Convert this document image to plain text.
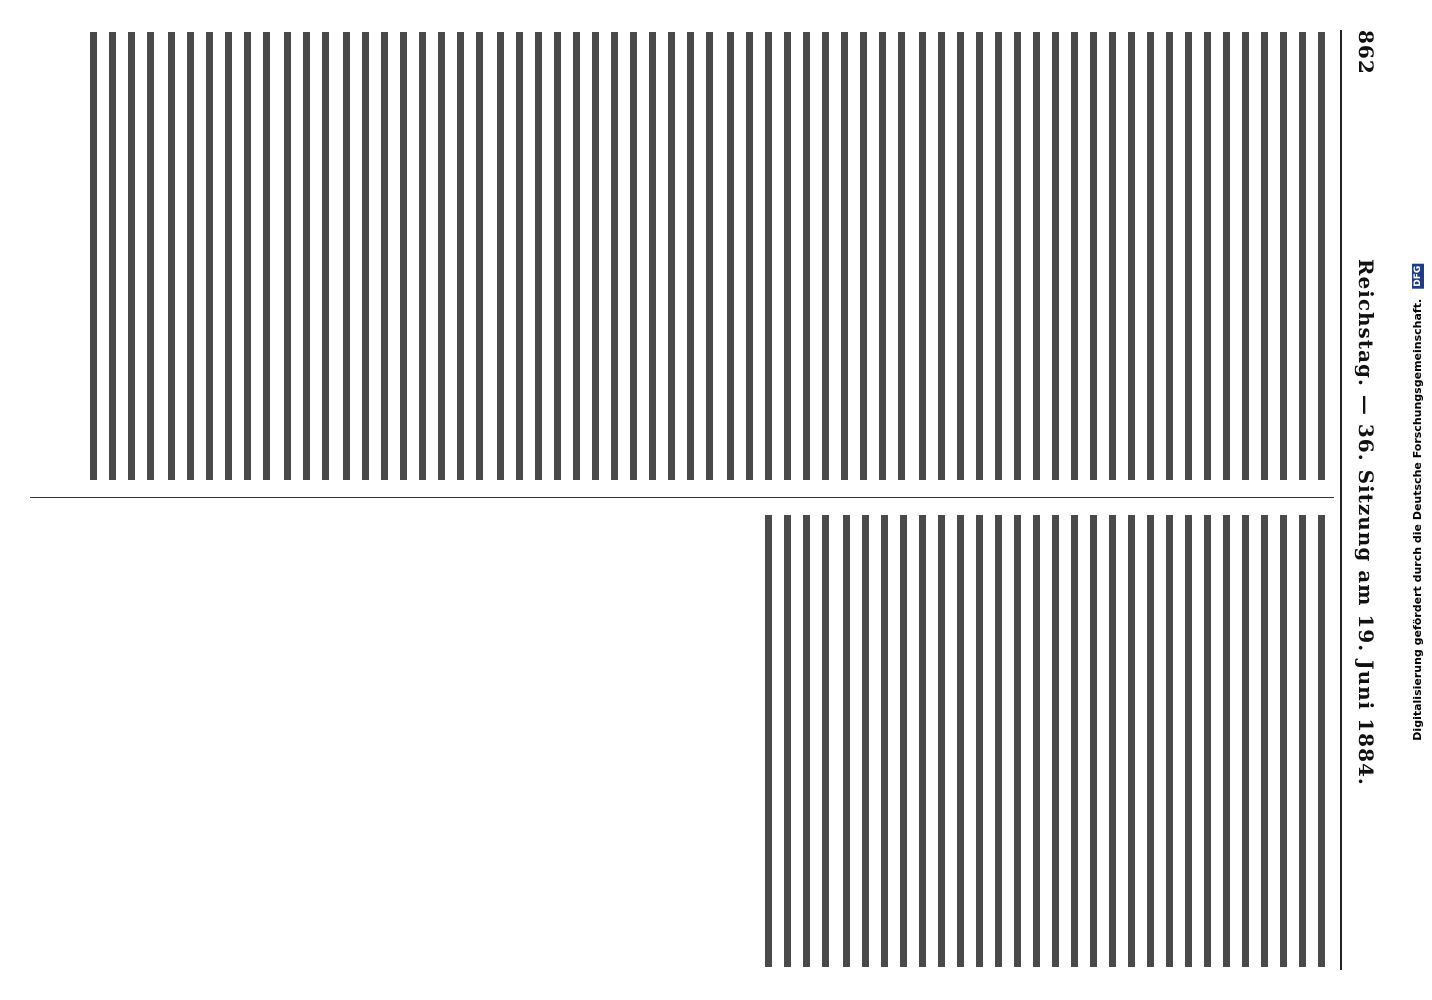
862
Reichstag. — 36. Sitzung am 19. Juni 1884.	Digitalisierung gefördert durch die Deutsche Forschungsgemeinschaft. DFG
